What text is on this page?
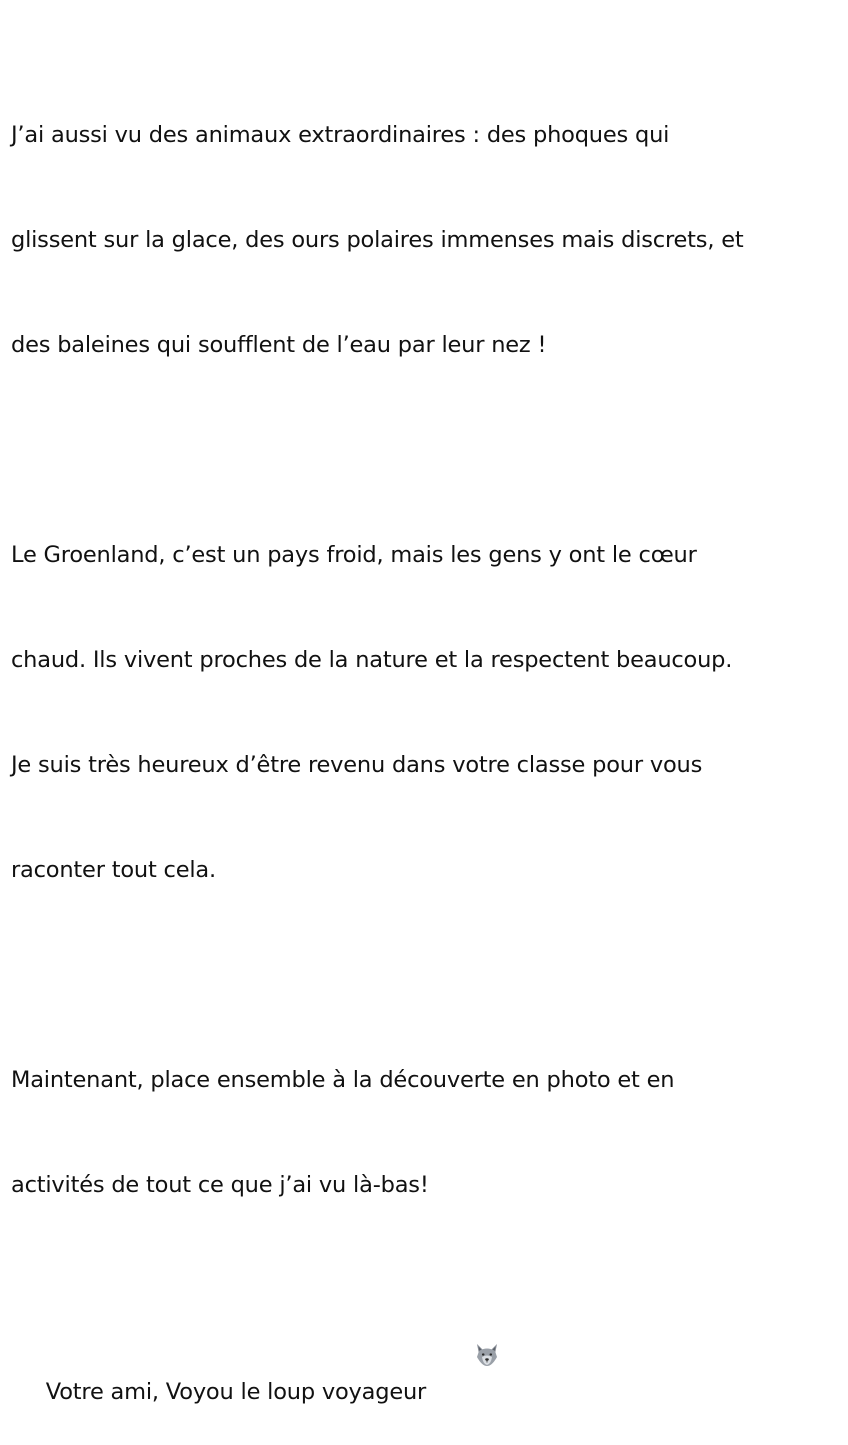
J’ai aussi vu des animaux extraordinaires : des phoques qui

glissent sur la glace, des ours polaires immenses mais discrets, et

des baleines qui soufflent de l’eau par leur nez !

Le Groenland, c’est un pays froid, mais les gens y ont le cœur

chaud. Ils vivent proches de la nature et la respectent beaucoup.

Je suis très heureux d’être revenu dans votre classe pour vous

raconter tout cela.

Maintenant, place ensemble à la découverte en photo et en

activités de tout ce que j’ai vu là-bas!

Votre ami, Voyou le loup voyageur
